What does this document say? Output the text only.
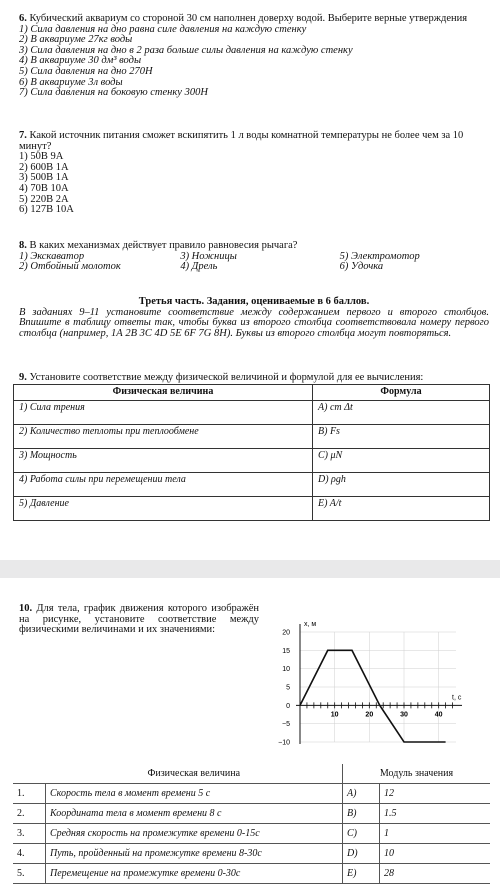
6. Кубический аквариум со стороной 30 см наполнен доверху водой. Выберите верные утверждения

1) Сила давления на дно равна силе давления на каждую стенку

2) В аквариуме 27кг воды

3) Сила давления на дно в 2 раза больше силы давления на каждую стенку

4) В аквариуме 30 дм³ воды

5) Сила давления на дно 270Н

6) В аквариуме 3л воды

7) Сила давления на боковую стенку 300Н

7. Какой источник питания сможет вскипятить 1 л воды комнатной температуры не более чем за 10 минут?

1) 50В 9А

2) 600В 1А

3) 500В 1А

4) 70В 10А

5) 220В 2А

6) 127В 10А

8. В каких механизмах действует правило равновесия рычага?

1) Экскаватор	3) Ножницы	5) Электромотор
2) Отбойный молоток	4) Дрель	6) Удочка

Третья часть. Задания, оцениваемые в 6 баллов.

В заданиях 9–11 установите соответствие между содержанием первого и второго столбцов. Впишите в таблицу ответы так, чтобы буква из второго столбца соответствовала номеру первого столбца (например, 1А 2В 3С 4D 5E 6F 7G 8H). Буквы из второго столбца могут повторяться.

9. Установите соответствие между физической величиной и формулой для ее вычисления:

Физическая величина	Формула
1) Сила трения	А) cm Δt
2) Количество теплоты при теплообмене	В) Fs
3) Мощность	С) μN
4) Работа силы при перемещении тела	D) ρgh
5) Давление	E) A/t
10. Для тела, график движения которого изображён на рисунке, установите соответствие между физическими величинами и их значениями:
10	20	30	40
20
15
10
5
0
−5
−10
x, м
t, c
	Физическая величина	Модуль значения	
1.	Скорость тела в момент времени 5 с	А)	12
2.	Координата тела в момент времени 8 с	В)	1.5
3.	Средняя скорость на промежутке времени 0-15с	С)	1
4.	Путь, пройденный на промежутке времени 8-30с	D)	10
5.	Перемещение на промежутке времени 0-30с	E)	28
